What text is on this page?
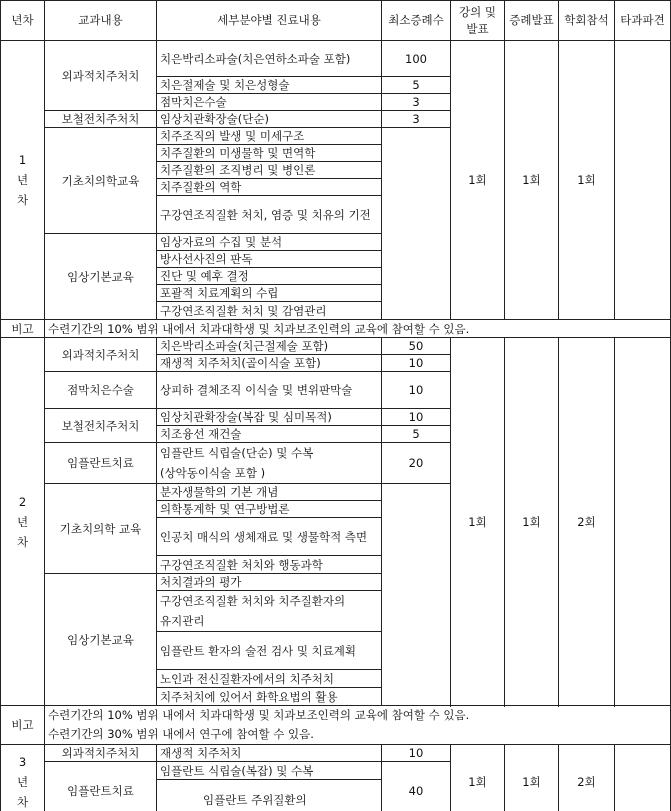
년차	교과내용	세부분야별 진료내용	최소증례수	강의 및 발표	증례발표	학회참석	타과파견
1
년
차	외과적치주처치	치은박리소파술(치은연하소파술 포함)	100	1회	1회	1회	
		치은절제술 및 치은성형술	5				
		점막치은수술	3				
	보철전치주처치	임상치관확장술(단순)	3				
	기초치의학교육	치주조직의 발생 및 미세구조					
		치주질환의 미생물학 및 면역학					
		치주질환의 조직병리 및 병인론					
		치주질환의 역학					
		구강연조직질환 처치, 염증 및 치유의 기전					
	임상기본교육	임상자료의 수집 및 분석					
		방사선사진의 판독					
		진단 및 예후 결정					
		포괄적 치료계획의 수립					
		구강연조직질환 처치 및 감염관리					
비고	수련기간의 10% 범위 내에서 치과대학생 및 치과보조인력의 교육에 참여할 수 있음.						
2
년
차	외과적치주처치	치은박리소파술(치근절제술 포함)	50	1회	1회	2회	
		재생적 치주처치(골이식술 포함)	10				
	점막치은수술	상피하 결체조직 이식술 및 변위판막술	10				
	보철전치주처치	임상치관확장술(복잡 및 심미목적)	10				
		치조융선 재건술	5				
	임플란트치료	임플란트 식립술(단순) 및 수복 (상악동이식술 포함 )	20				
	기초치의학 교육	분자생물학의 기본 개념					
		의학통계학 및 연구방법론					
		인공치 매식의 생체재료 및 생물학적 측면					
		구강연조직질환 처치와 행동과학					

	임상기본교육	처치결과의 평가					
		구강연조직질환 처치와 치주질환자의 유지관리					
		임플란트 환자의 술전 검사 및 치료계획					
		노인과 전신질환자에서의 치주처치					
		치주처치에 있어서 화학요법의 활용					

비고	수련기간의 10% 범위 내에서 치과대학생 및 치과보조인력의 교육에 참여할 수 있음.
수련기간의 30% 범위 내에서 연구에 참여할 수 있음.						

3
년
차	외과적치주처치	재생적 치주처치	10	1회	1회	2회	
	임플란트치료	임플란트 식립술(복잡) 및 수복	40				
		임플란트 주위질환의					
